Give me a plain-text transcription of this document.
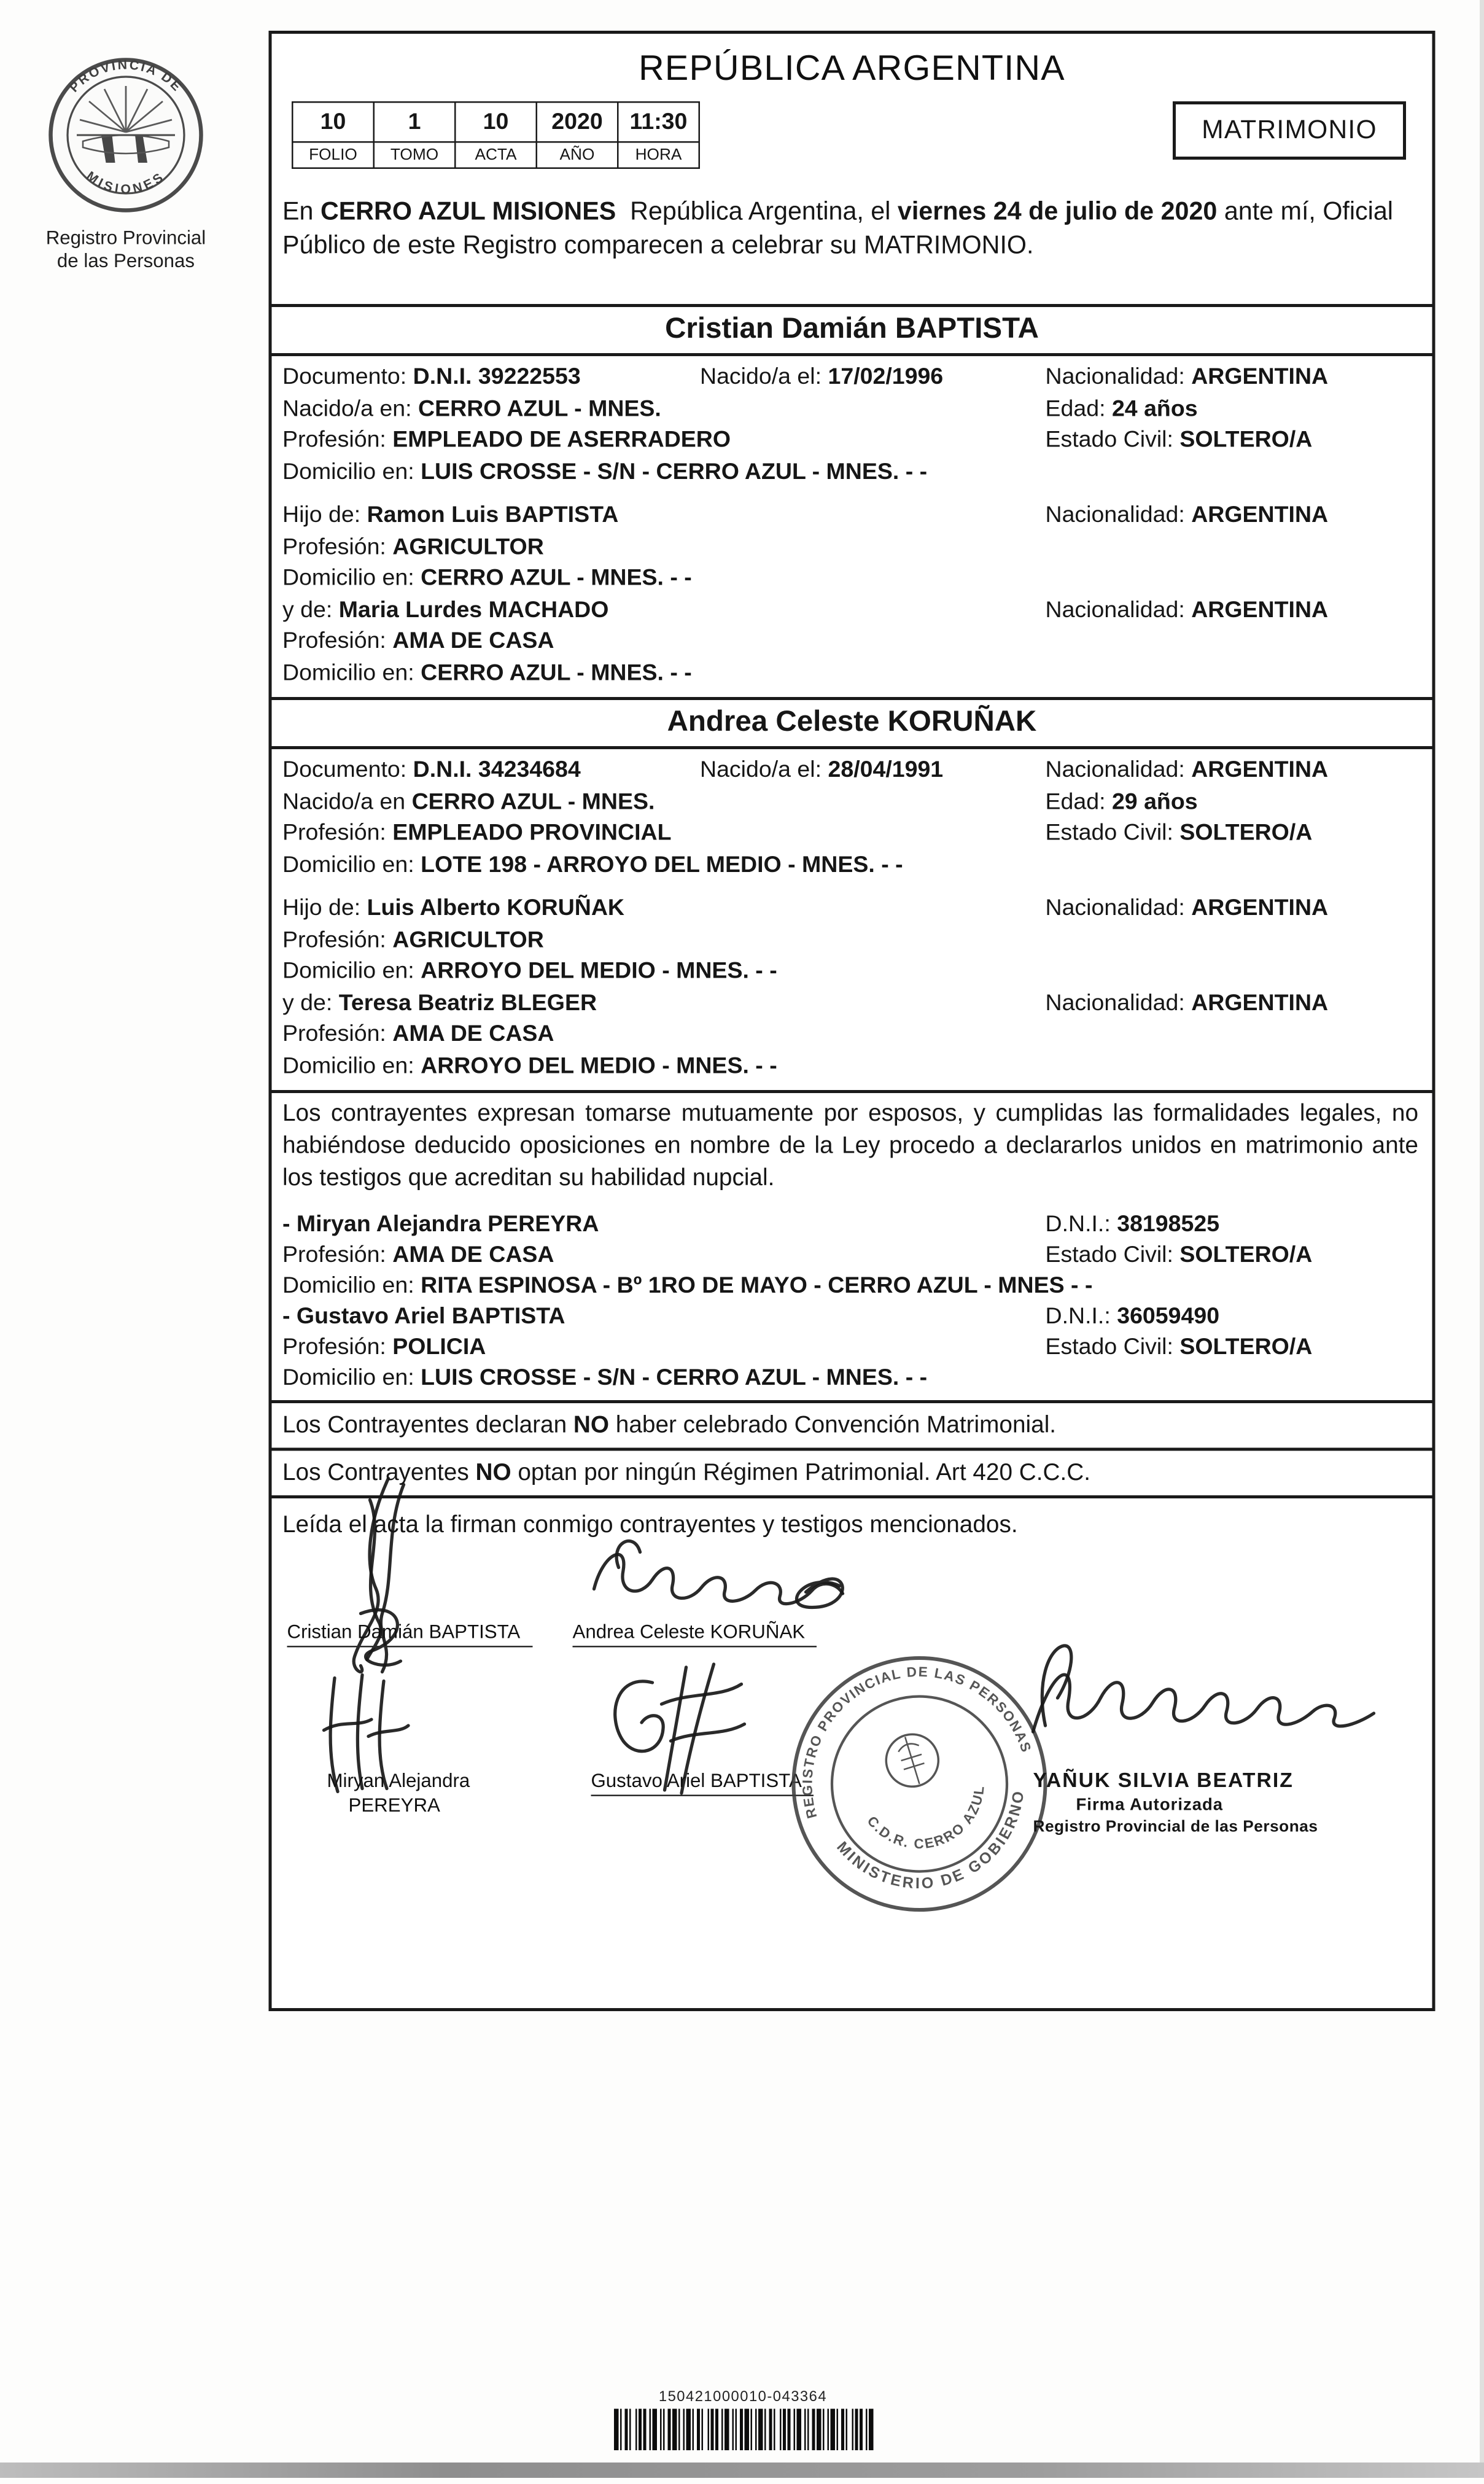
PROVINCIA DE
MISIONES
Registro Provincial
de las Personas
REPÚBLICA ARGENTINA
10	1	10	2020	11:30
FOLIO	TOMO	ACTA	AÑO	HORA
MATRIMONIO
En CERRO AZUL MISIONES  República Argentina, el viernes 24 de julio de 2020 ante mí, Oficial Público de este Registro comparecen a celebrar su MATRIMONIO.
Cristian Damián BAPTISTA
Documento: D.N.I. 39222553	Nacido/a el: 17/02/1996	Nacionalidad: ARGENTINA
Nacido/a en: CERRO AZUL - MNES.	Edad: 24 años
Profesión: EMPLEADO DE ASERRADERO	Estado Civil: SOLTERO/A
Domicilio en: LUIS CROSSE - S/N - CERRO AZUL - MNES. - -
Hijo de: Ramon Luis BAPTISTA	Nacionalidad: ARGENTINA
Profesión: AGRICULTOR
Domicilio en: CERRO AZUL - MNES. - -
y de: Maria Lurdes MACHADO	Nacionalidad: ARGENTINA
Profesión: AMA DE CASA
Domicilio en: CERRO AZUL - MNES. - -
Andrea Celeste KORUÑAK
Documento: D.N.I. 34234684	Nacido/a el: 28/04/1991	Nacionalidad: ARGENTINA
Nacido/a en CERRO AZUL - MNES.	Edad: 29 años
Profesión: EMPLEADO PROVINCIAL	Estado Civil: SOLTERO/A
Domicilio en: LOTE 198 - ARROYO DEL MEDIO - MNES. - -
Hijo de: Luis Alberto KORUÑAK	Nacionalidad: ARGENTINA
Profesión: AGRICULTOR
Domicilio en: ARROYO DEL MEDIO - MNES. - -
y de: Teresa Beatriz BLEGER	Nacionalidad: ARGENTINA
Profesión: AMA DE CASA
Domicilio en: ARROYO DEL MEDIO - MNES. - -
Los contrayentes expresan tomarse mutuamente por esposos, y cumplidas las formalidades legales, no habiéndose deducido oposiciones en nombre de la Ley procedo a declararlos unidos en matrimonio ante los testigos que acreditan su habilidad nupcial.
- Miryan Alejandra PEREYRA	D.N.I.: 38198525
Profesión: AMA DE CASA	Estado Civil: SOLTERO/A
Domicilio en: RITA ESPINOSA - Bº 1RO DE MAYO - CERRO AZUL - MNES - -
- Gustavo Ariel BAPTISTA	D.N.I.: 36059490
Profesión: POLICIA	Estado Civil: SOLTERO/A
Domicilio en: LUIS CROSSE - S/N - CERRO AZUL - MNES. - -
Los Contrayentes declaran NO haber celebrado Convención Matrimonial.
Los Contrayentes NO optan por ningún Régimen Patrimonial. Art 420 C.C.C.
Leída el acta la firman conmigo contrayentes y testigos mencionados.
Cristian Damián BAPTISTA	Andrea Celeste KORUÑAK
Miryan Alejandra
PEREYRA
Gustavo Ariel BAPTISTA
REGISTRO PROVINCIAL DE LAS PERSONAS
MINISTERIO DE GOBIERNO
C.D.R. CERRO AZUL	YAÑUK SILVIA BEATRIZ
Firma Autorizada
Registro Provincial de las Personas
150421000010-043364
